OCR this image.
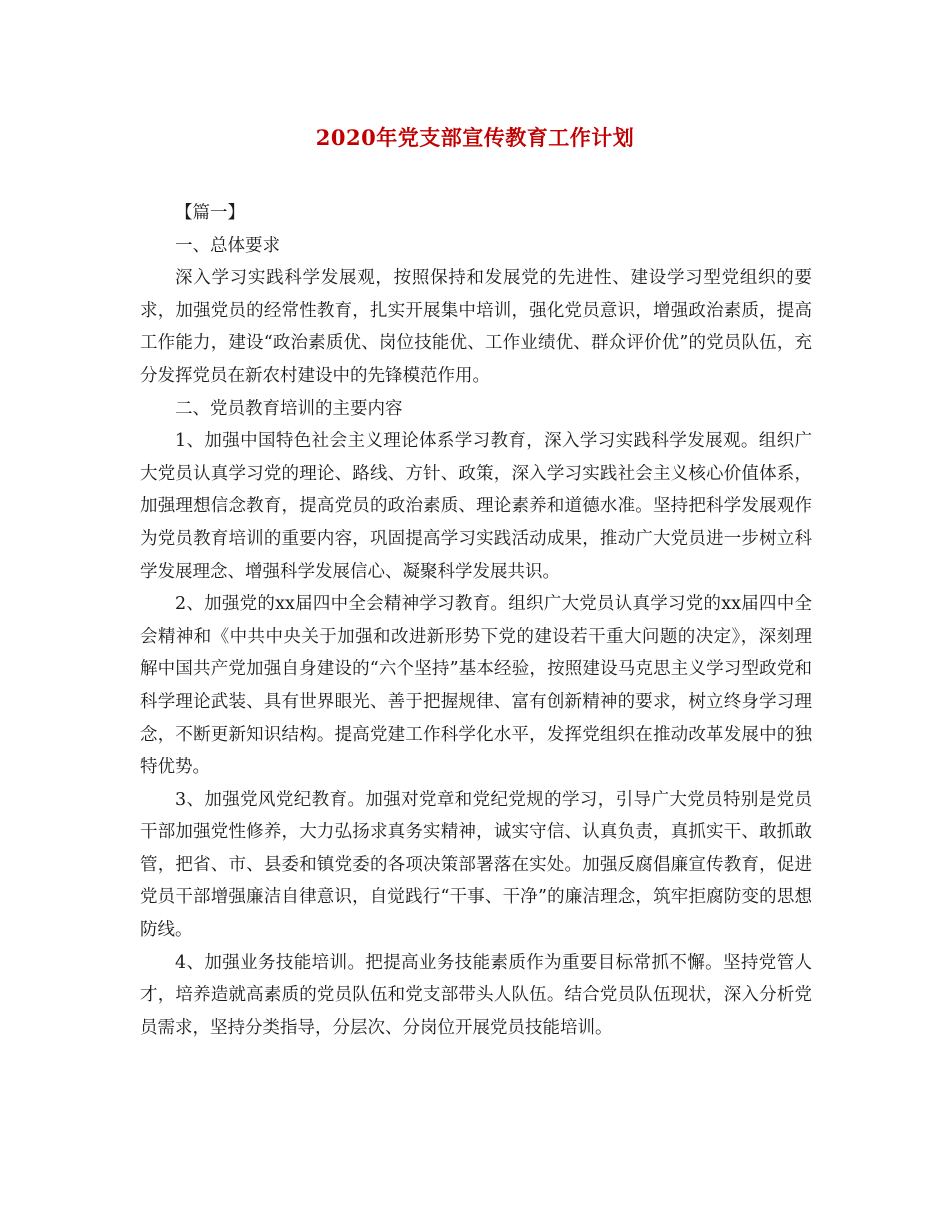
2020年党支部宣传教育工作计划

【篇一】

一、总体要求

深入学习实践科学发展观，按照保持和发展党的先进性、建设学习型党组织的要求，加强党员的经常性教育，扎实开展集中培训，强化党员意识，增强政治素质，提高工作能力，建设“政治素质优、岗位技能优、工作业绩优、群众评价优”的党员队伍，充分发挥党员在新农村建设中的先锋模范作用。

二、党员教育培训的主要内容

1、加强中国特色社会主义理论体系学习教育，深入学习实践科学发展观。组织广大党员认真学习党的理论、路线、方针、政策，深入学习实践社会主义核心价值体系，加强理想信念教育，提高党员的政治素质、理论素养和道德水准。坚持把科学发展观作为党员教育培训的重要内容，巩固提高学习实践活动成果，推动广大党员进一步树立科学发展理念、增强科学发展信心、凝聚科学发展共识。

2、加强党的xx届四中全会精神学习教育。组织广大党员认真学习党的xx届四中全会精神和《中共中央关于加强和改进新形势下党的建设若干重大问题的决定》，深刻理解中国共产党加强自身建设的“六个坚持”基本经验，按照建设马克思主义学习型政党和科学理论武装、具有世界眼光、善于把握规律、富有创新精神的要求，树立终身学习理念，不断更新知识结构。提高党建工作科学化水平，发挥党组织在推动改革发展中的独特优势。

3、加强党风党纪教育。加强对党章和党纪党规的学习，引导广大党员特别是党员干部加强党性修养，大力弘扬求真务实精神，诚实守信、认真负责，真抓实干、敢抓敢管，把省、市、县委和镇党委的各项决策部署落在实处。加强反腐倡廉宣传教育，促进党员干部增强廉洁自律意识，自觉践行“干事、干净”的廉洁理念，筑牢拒腐防变的思想防线。

4、加强业务技能培训。把提高业务技能素质作为重要目标常抓不懈。坚持党管人才，培养造就高素质的党员队伍和党支部带头人队伍。结合党员队伍现状，深入分析党员需求，坚持分类指导，分层次、分岗位开展党员技能培训。
